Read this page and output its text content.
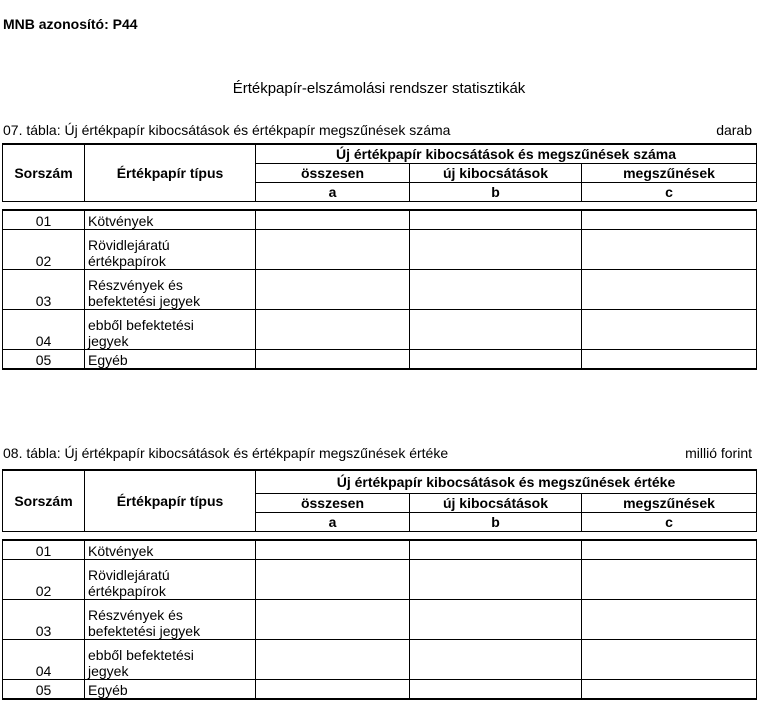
MNB azonosító: P44
Értékpapír-elszámolási rendszer statisztikák
07. tábla: Új értékpapír kibocsátások és értékpapír megszűnések száma	darab
Sorszám	Értékpapír típus	Új értékpapír kibocsátások és megszűnések száma		
		összesen	új kibocsátások	megszűnések
		a	b	c

01	Kötvények			

02	Rövidlejáratú
értékpapírok			

03	Részvények és
befektetési jegyek			

04	ebből befektetési
jegyek			

05	Egyéb			

08. tábla: Új értékpapír kibocsátások és értékpapír megszűnések értéke	millió forint
Sorszám	Értékpapír típus	Új értékpapír kibocsátások és megszűnések értéke		
		összesen	új kibocsátások	megszűnések
		a	b	c

01	Kötvények			

02	Rövidlejáratú
értékpapírok			

03	Részvények és
befektetési jegyek			

04	ebből befektetési
jegyek			

05	Egyéb			
